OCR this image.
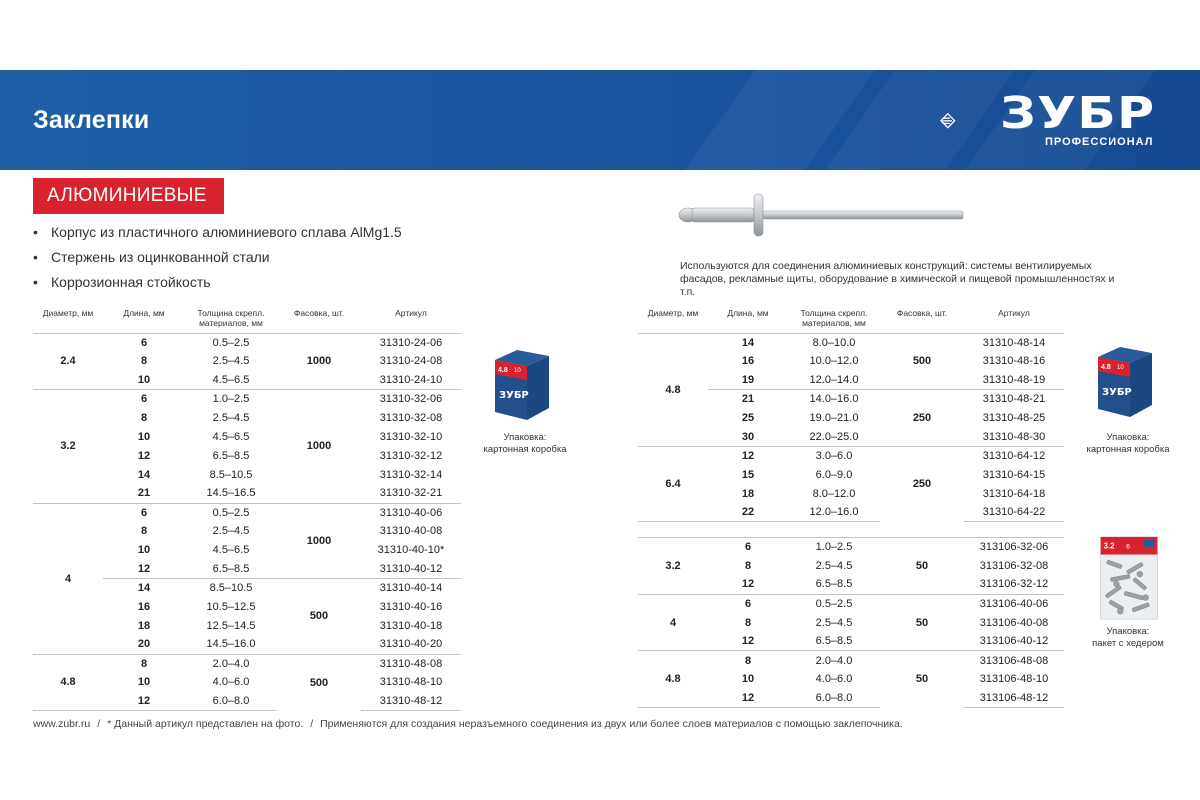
Заклепки	ЗУБР
ПРОФЕССИОНАЛ
АЛЮМИНИЕВЫЕ
• Корпус из пластичного алюминиевого сплава AlMg1.5
• Стержень из оцинкованной стали
• Коррозионная стойкость
Используются для соединения алюминиевых конструкций: системы вентилируемых фасадов, рекламные щиты, оборудование в химической и пищевой промышленностях и т.п.
Диаметр, мм	Длина, мм	Толщина скрепл. материалов, мм	Фасовка, шт.	Артикул
2.4	6	0.5–2.5	1000	31310-24-06
	8	2.5–4.5		31310-24-08
	10	4.5–6.5		31310-24-10
3.2	6	1.0–2.5	1000	31310-32-06
	8	2.5–4.5		31310-32-08
	10	4.5–6.5		31310-32-10
	12	6.5–8.5		31310-32-12
	14	8.5–10.5		31310-32-14
	21	14.5–16.5		31310-32-21
4	6	0.5–2.5	1000	31310-40-06
	8	2.5–4.5		31310-40-08
	10	4.5–6.5		31310-40-10*
	12	6.5–8.5		31310-40-12
	14	8.5–10.5	500	31310-40-14
	16	10.5–12.5		31310-40-16
	18	12.5–14.5		31310-40-18
	20	14.5–16.0		31310-40-20
4.8	8	2.0–4.0	500	31310-48-08
	10	4.0–6.0		31310-48-10
	12	6.0–8.0		31310-48-12
Диаметр, мм	Длина, мм	Толщина скрепл. материалов, мм	Фасовка, шт.	Артикул
4.8	14	8.0–10.0	500	31310-48-14
	16	10.0–12.0		31310-48-16
	19	12.0–14.0		31310-48-19
	21	14.0–16.0	250	31310-48-21
	25	19.0–21.0		31310-48-25
	30	22.0–25.0		31310-48-30
6.4	12	3.0–6.0	250	31310-64-12
	15	6.0–9.0		31310-64-15
	18	8.0–12.0		31310-64-18
	22	12.0–16.0		31310-64-22
3.2	6	1.0–2.5	50	313106-32-06
	8	2.5–4.5		313106-32-08
	12	6.5–8.5		313106-32-12
4	6	0.5–2.5	50	313106-40-06
	8	2.5–4.5		313106-40-08
	12	6.5–8.5		313106-40-12
4.8	8	2.0–4.0	50	313106-48-08
	10	4.0–6.0		313106-48-10
	12	6.0–8.0		313106-48-12
4.8 10
ЗУБР
Упаковка:
картонная коробка
4.8 10
ЗУБР
Упаковка:
картонная коробка
3.2 6
Упаковка:
пакет с хедером
www.zubr.ru / * Данный артикул представлен на фото. / Применяются для создания неразъемного соединения из двух или более слоев материалов с помощью заклепочника.
